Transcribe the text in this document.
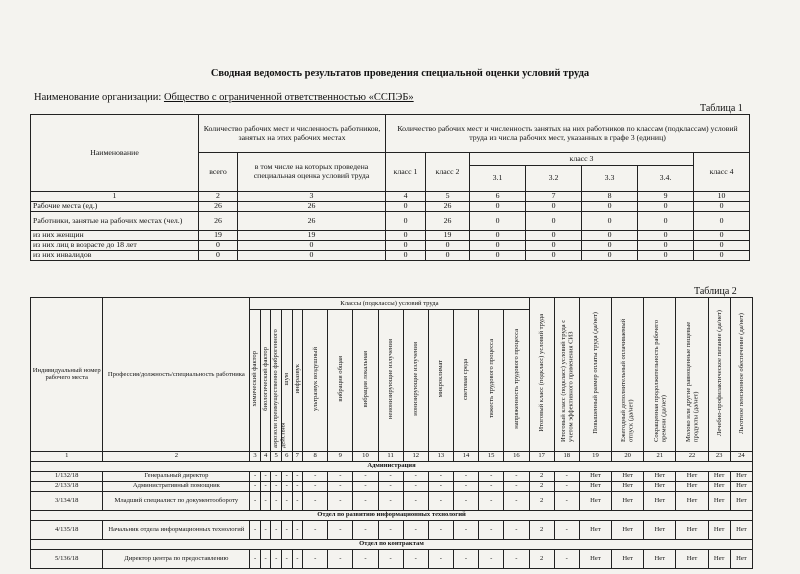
Сводная ведомость результатов проведения специальной оценки условий труда
Наименование организации: Общество с ограниченной ответственностью «ССПЭБ»
Таблица 1
Наименование	Количество рабочих мест и численность работников, занятых на этих рабочих местах		Количество рабочих мест и численность занятых на них работников по классам (подклассам) условий труда из числа рабочих мест, указанных в графе 3 (единиц)						
	всего	в том числе на которых проведена специальная оценка условий труда	класс 1	класс 2	класс 3				класс 4
					3.1	3.2	3.3	3.4.	
1	2	3	4	5	6	7	8	9	10
Рабочие места (ед.)	26	26	0	26	0	0	0	0	0
Работники, занятые на рабочих местах (чел.)	26	26	0	26	0	0	0	0	0
из них женщин	19	19	0	19	0	0	0	0	0
из них лиц в возрасте до 18 лет	0	0	0	0	0	0	0	0	0
из них инвалидов	0	0	0	0	0	0	0	0	0
Таблица 2
Индивидуальный номер рабочего места	Профессия/должность/специальность работника	Классы (подклассы) условий труда														Итоговый класс (подкласс) условий труда	Итоговый класс (подкласс) условий труда с учетом эффективного применения СИЗ	Повышенный размер оплаты труда (да/нет)	Ежегодный дополнительный оплачиваемый отпуск (да/нет)	Сокращенная продолжительность рабочего времени (да/нет)	Молоко или другие равноценные пищевые продукты (да/нет)	Лечебно-профилактическое питание (да/нет)	Льготное пенсионное обеспечение (да/нет)
		химический фактор	биологический фактор	аэрозоли преимущественно фиброгенного действия	шум	инфразвук	ультразвук воздушный	вибрация общая	вибрация локальная	неионизирующие излучения	ионизирующие излучения	микроклимат	световая среда	тяжесть трудового процесса	напряженность трудового процесса								
1	2	3	4	5	6	7	8	9	10	11	12	13	14	15	16	17	18	19	20	21	22	23	24
Администрация																							
1/132/18	Генеральный директор	-	-	-	-	-	-	-	-	-	-	-	-	-	-	2	-	Нет	Нет	Нет	Нет	Нет	Нет
2/133/18	Административный помощник	-	-	-	-	-	-	-	-	-	-	-	-	-	-	2	-	Нет	Нет	Нет	Нет	Нет	Нет
3/134/18	Младший специалист по документообороту	-	-	-	-	-	-	-	-	-	-	-	-	-	-	2	-	Нет	Нет	Нет	Нет	Нет	Нет
Отдел по развитию информационных технологий																							
4/135/18	Начальник отдела информационных технологий	-	-	-	-	-	-	-	-	-	-	-	-	-	-	2	-	Нет	Нет	Нет	Нет	Нет	Нет
Отдел по контрактам																							
5/136/18	Директор центра по предоставлению	-	-	-	-	-	-	-	-	-	-	-	-	-	-	2	-	Нет	Нет	Нет	Нет	Нет	Нет
